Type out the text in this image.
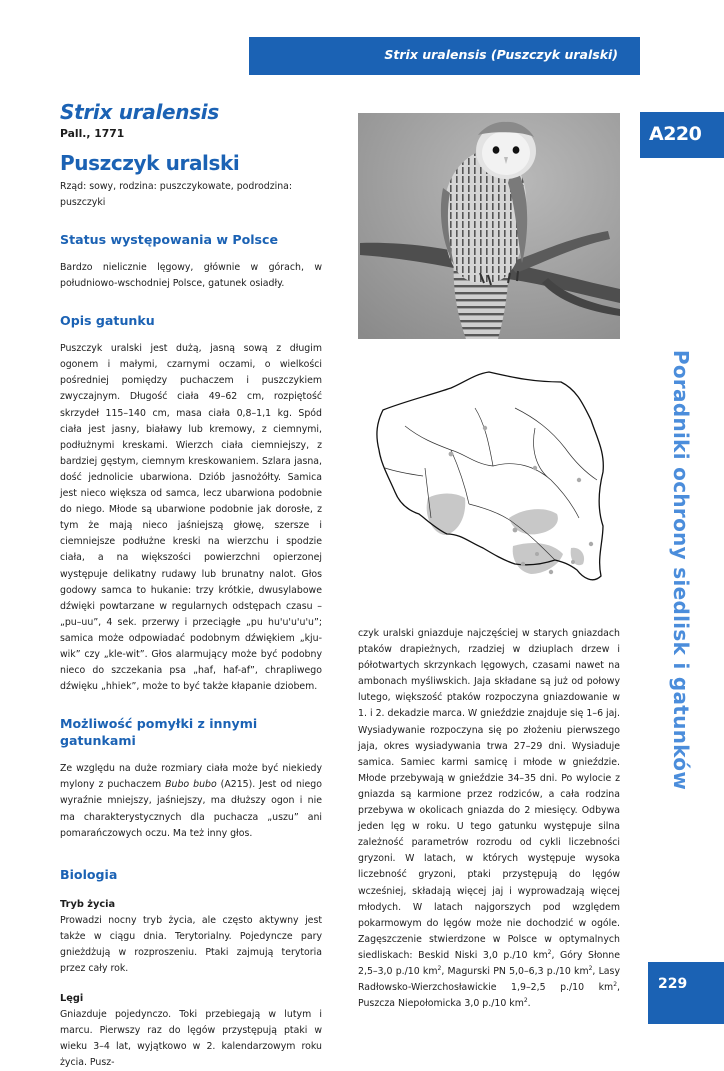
Strix uralensis (Puszczyk uralski)
A220
Poradniki ochrony siedlisk i gatunków
229

Strix uralensis

Pall., 1771

Puszczyk uralski

Rząd: sowy, rodzina: puszczykowate, podrodzina: puszczyki

Status występowania w Polsce

Bardzo nielicznie lęgowy, głównie w górach, w południowo-wschodniej Polsce, gatunek osiadły.

Opis gatunku

Puszczyk uralski jest dużą, jasną sową z długim ogonem i małymi, czarnymi oczami, o wielkości pośredniej pomiędzy puchaczem i puszczykiem zwyczajnym. Długość ciała 49–62 cm, rozpiętość skrzydeł 115–140 cm, masa ciała 0,8–1,1 kg. Spód ciała jest jasny, białawy lub kremowy, z ciemnymi, podłużnymi kreskami. Wierzch ciała ciemniejszy, z bardziej gęstym, ciemnym kreskowaniem. Szlara jasna, dość jednolicie ubarwiona. Dziób jasnożółty. Samica jest nieco większa od samca, lecz ubarwiona podobnie do niego. Młode są ubarwione podobnie jak dorosłe, z tym że mają nieco jaśniejszą głowę, szersze i ciemniejsze podłużne kreski na wierzchu i spodzie ciała, a na większości powierzchni opierzonej występuje delikatny rudawy lub brunatny nalot. Głos godowy samca to hukanie: trzy krótkie, dwusylabowe dźwięki powtarzane w regularnych odstępach czasu – „pu–uu”, 4 sek. przerwy i przeciągłe „pu hu'u'u'u'u”; samica może odpowiadać podobnym dźwiękiem „kju-wik” czy „kle-wit”. Głos alarmujący może być podobny nieco do szczekania psa „haf, haf-af”, chrapliwego dźwięku „hhiek”, może to być także kłapanie dziobem.

Możliwość pomyłki z innymi gatunkami

Ze względu na duże rozmiary ciała może być niekiedy mylony z puchaczem Bubo bubo (A215). Jest od niego wyraźnie mniejszy, jaśniejszy, ma dłuższy ogon i nie ma charakterystycznych dla puchacza „uszu” ani pomarańczowych oczu. Ma też inny głos.

Biologia

Tryb życia

Prowadzi nocny tryb życia, ale często aktywny jest także w ciągu dnia. Terytorialny. Pojedyncze pary gnieżdżują w rozproszeniu. Ptaki zajmują terytoria przez cały rok.

Lęgi

Gniazduje pojedynczo. Toki przebiegają w lutym i marcu. Pierwszy raz do lęgów przystępują ptaki w wieku 3–4 lat, wyjątkowo w 2. kalendarzowym roku życia. Pusz-

czyk uralski gniazduje najczęściej w starych gniazdach ptaków drapieżnych, rzadziej w dziuplach drzew i półotwartych skrzynkach lęgowych, czasami nawet na ambonach myśliwskich. Jaja składane są już od połowy lutego, większość ptaków rozpoczyna gniazdowanie w 1. i 2. dekadzie marca. W gnieździe znajduje się 1–6 jaj. Wysiadywanie rozpoczyna się po złożeniu pierwszego jaja, okres wysiadywania trwa 27–29 dni. Wysiaduje samica. Samiec karmi samicę i młode w gnieździe. Młode przebywają w gnieździe 34–35 dni. Po wylocie z gniazda są karmione przez rodziców, a cała rodzina przebywa w okolicach gniazda do 2 miesięcy. Odbywa jeden lęg w roku. U tego gatunku występuje silna zależność parametrów rozrodu od cykli liczebności gryzoni. W latach, w których występuje wysoka liczebność gryzoni, ptaki przystępują do lęgów wcześniej, składają więcej jaj i wyprowadzają więcej młodych. W latach najgorszych pod względem pokarmowym do lęgów może nie dochodzić w ogóle. Zagęszczenie stwierdzone w Polsce w optymalnych siedliskach: Beskid Niski 3,0 p./10 $km^2$, Góry Słonne 2,5–3,0 p./10 $km^2$, Magurski PN 5,0–6,3 p./10 $km^2$, Lasy Radłowsko-Wierzchosławickie 1,9–2,5 p./10 $km^2$, Puszcza Niepołomicka 3,0 p./10 $km^2$.
